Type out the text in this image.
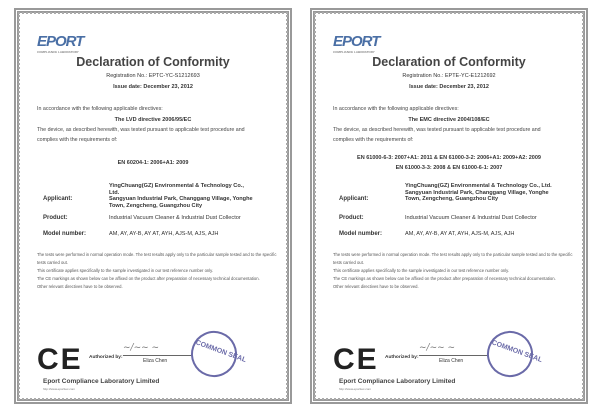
EPORT
COMPLIANCE LABORATORY
Declaration of Conformity
Registration No.: EPTC-YC-S1212693
Issue date: December 23, 2012
In accordance with the following applicable directives:
The LVD directive 2006/95/EC
The device, as described herewith, was tested pursuant to applicable test procedure and
complies with the requirements of:
EN 60204-1: 2006+A1: 2009
Applicant:
YingChuang(GZ) Environmental & Technology Co.,
Ltd.
Sangyuan Industrial Park, Changgang Village, Yonghe
Town, Zengcheng, Guangzhou City
Product:	Industrial Vacuum Cleaner & Industrial Dust Collector
Model number:	AM, AY, AY-B, AY AT, AYH, AJS-M, AJS, AJH
The tests were performed in normal operation mode. The test results apply only to the particular sample tested and to the specific tests carried out.
This certificate applies specifically to the sample investigated in our test reference number only.
The CE markings as shown below can be affixed on the product after preparation of necessary technical documentation.
Other relevant directives have to be observed.
CE Authorized by:
~/~~ ~
Eliza Chen	COMMON SEAL
Eport Compliance Laboratory Limited
http://www.eporttec.com
EPORT
COMPLIANCE LABORATORY
Declaration of Conformity
Registration No.: EPTE-YC-E1212692
Issue date: December 23, 2012
In accordance with the following applicable directives:
The EMC directive 2004/108/EC
The device, as described herewith, was tested pursuant to applicable test procedure and
complies with the requirements of:
EN 61000-6-3: 2007+A1: 2011 & EN 61000-3-2: 2006+A1: 2009+A2: 2009
EN 61000-3-3: 2008 & EN 61000-6-1: 2007
Applicant:
YingChuang(GZ) Environmental & Technology Co., Ltd.
Sangyuan Industrial Park, Changgang Village, Yonghe
Town, Zengcheng, Guangzhou City
Product:	Industrial Vacuum Cleaner & Industrial Dust Collector
Model number:	AM, AY, AY-B, AY AT, AYH, AJS-M, AJS, AJH
The tests were performed in normal operation mode. The test results apply only to the particular sample tested and to the specific tests carried out.
This certificate applies specifically to the sample investigated in our test reference number only.
The CE markings as shown below can be affixed on the product after preparation of necessary technical documentation.
Other relevant directives have to be observed.
CE Authorized by:
~/~~ ~
Eliza Chen	COMMON SEAL
Eport Compliance Laboratory Limited
http://www.eporttec.com
